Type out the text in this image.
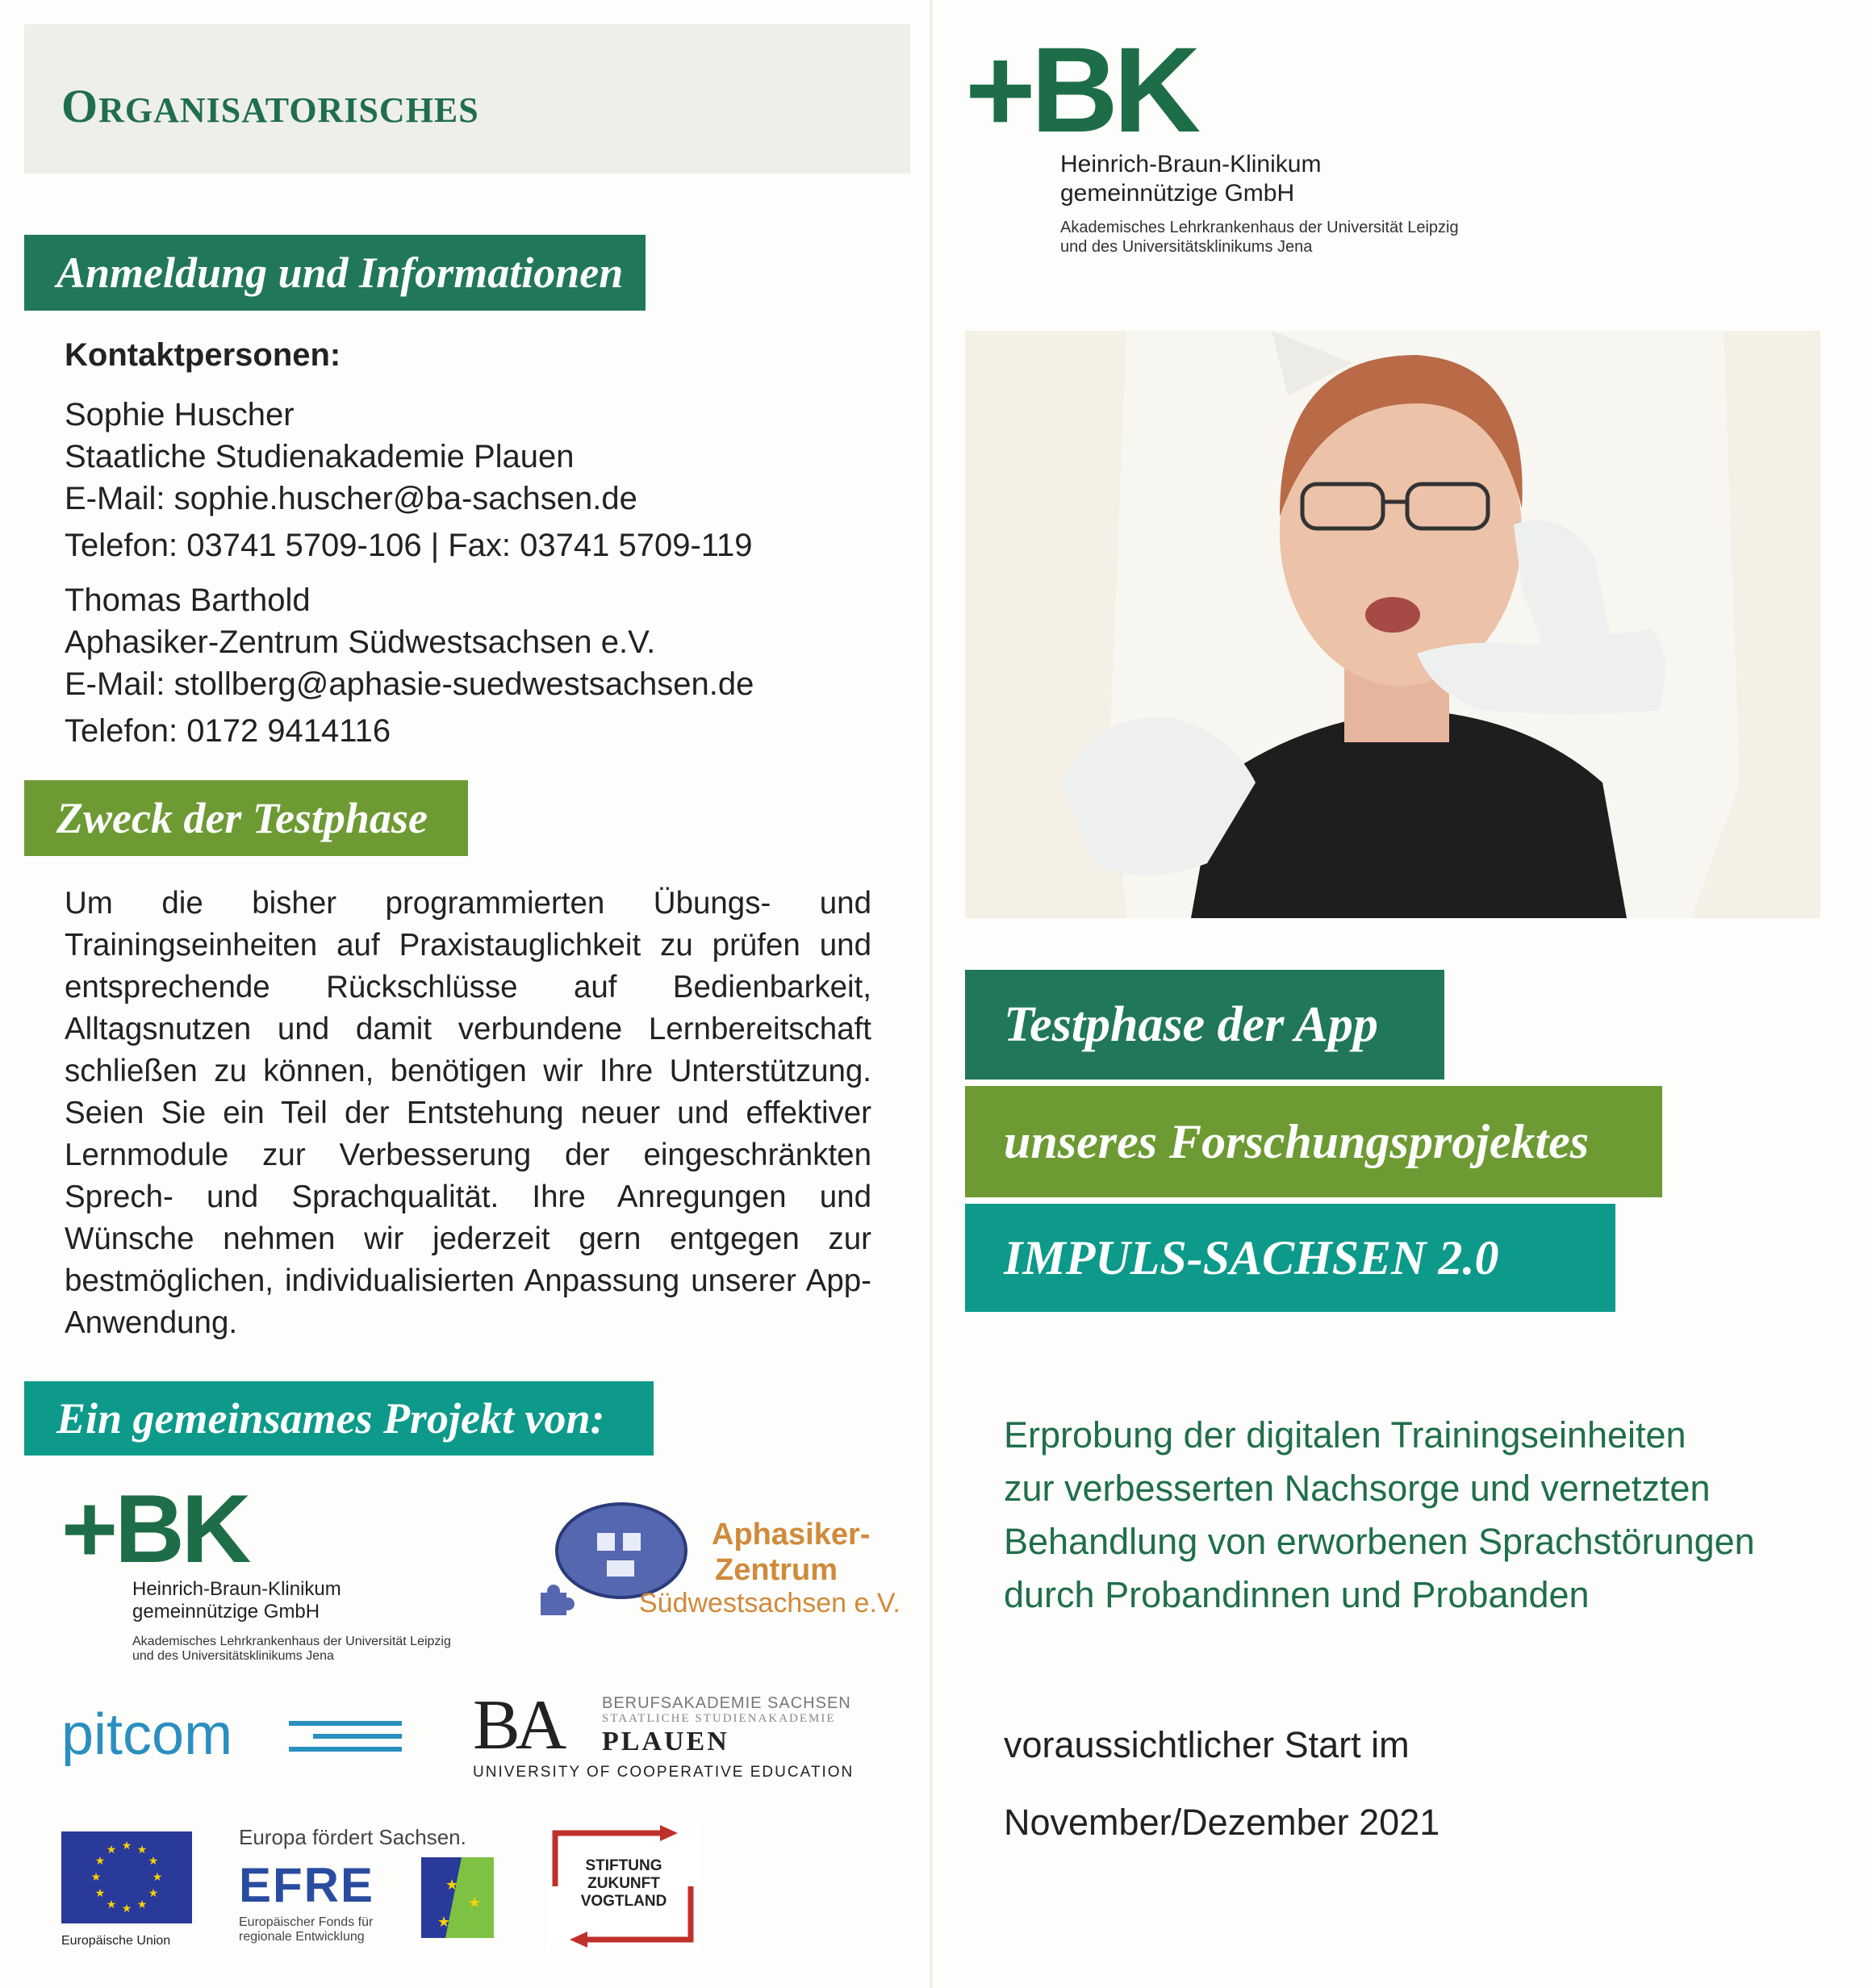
ORGANISATORISCHES
Anmeldung und Informationen
Kontaktpersonen:
Sophie Huscher
Staatliche Studienakademie Plauen
E-Mail: sophie.huscher@ba-sachsen.de
Telefon: 03741 5709-106 | Fax: 03741 5709-119
Thomas Barthold
Aphasiker-Zentrum Südwestsachsen e.V.
E-Mail: stollberg@aphasie-suedwestsachsen.de
Telefon: 0172 9414116
Zweck der Testphase
Um die bisher programmierten Übungs- und Trainingseinheiten auf Praxistauglichkeit zu prüfen und entsprechende Rückschlüsse auf Bedienbarkeit, Alltagsnutzen und damit verbundene Lernbereitschaft schließen zu können, benötigen wir Ihre Unterstützung. Seien Sie ein Teil der Entstehung neuer und effektiver Lernmodule zur Verbesserung der eingeschränkten Sprech- und Sprachqualität. Ihre Anregungen und Wünsche nehmen wir jederzeit gern entgegen zur bestmöglichen, individualisierten Anpassung unserer App-Anwendung.
Ein gemeinsames Projekt von:
+BK
Heinrich-Braun-Klinikum
gemeinnützige GmbH
Akademisches Lehrkrankenhaus der Universität Leipzig
und des Universitätsklinikums Jena
Aphasiker-
Zentrum
Südwestsachsen e.V.
pitcom	BA BERUFSAKADEMIE SACHSEN
STAATLICHE STUDIENAKADEMIE
PLAUEN
UNIVERSITY OF COOPERATIVE EDUCATION
★ ★
★
★
★
★
★
★
★
★
★
★
Europäische Union
Europa fördert Sachsen.
EFRE	★
★
★
Europäischer Fonds für
regionale Entwicklung
STIFTUNG
ZUKUNFT
VOGTLAND
+BK
Heinrich-Braun-Klinikum
gemeinnützige GmbH
Akademisches Lehrkrankenhaus der Universität Leipzig
und des Universitätsklinikums Jena
Testphase der App
unseres Forschungsprojektes
IMPULS-SACHSEN 2.0
Erprobung der digitalen Trainingseinheiten
zur verbesserten Nachsorge und vernetzten
Behandlung von erworbenen Sprachstörungen
durch Probandinnen und Probanden
voraussichtlicher Start im
November/Dezember 2021
